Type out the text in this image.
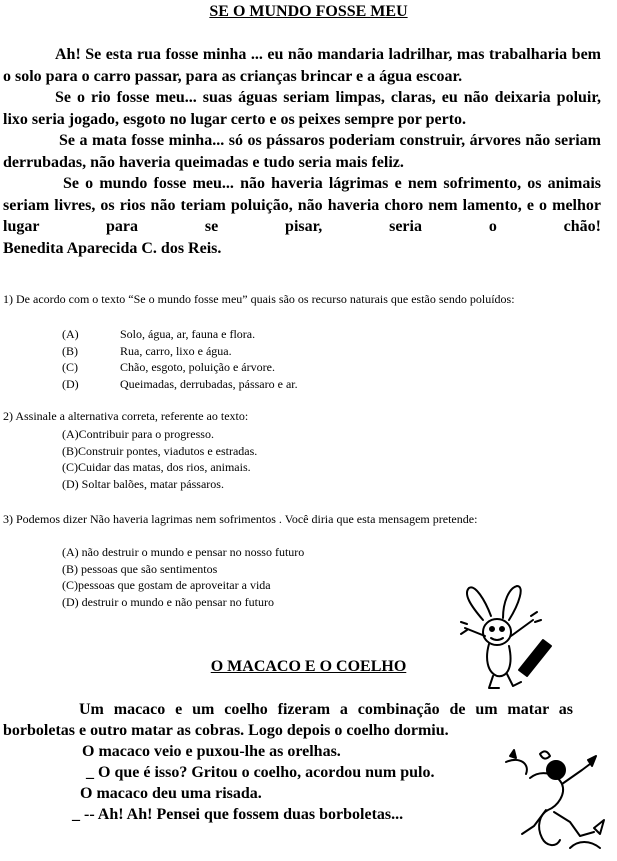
SE O MUNDO FOSSE MEU

Ah! Se esta rua fosse minha ... eu não mandaria ladrilhar, mas trabalharia bem o solo para o carro passar, para as crianças brincar e a água escoar.

Se o rio fosse meu... suas águas seriam limpas, claras, eu não deixaria poluir, lixo seria jogado, esgoto no lugar certo e os peixes sempre por perto.

Se a mata fosse minha... só os pássaros poderiam construir, árvores não seriam derrubadas, não haveria queimadas e tudo seria mais feliz.

Se o mundo fosse meu... não haveria lágrimas e nem sofrimento, os animais seriam livres, os rios não teriam poluição, não haveria choro nem lamento, e o melhor lugar para se pisar, seria o chão!

Benedita Aparecida C. dos Reis.

1) De acordo com o texto “Se o mundo fosse meu” quais são os recurso naturais que estão sendo poluídos:

(A)	Solo, água, ar, fauna e flora.
(B)	Rua, carro, lixo e água.
(C)	Chão, esgoto, poluição e árvore.
(D)	Queimadas, derrubadas, pássaro e ar.

2) Assinale a alternativa correta, referente ao texto:

(A)Contribuir para o progresso.
(B)Construir pontes, viadutos e estradas.
(C)Cuidar das matas, dos rios, animais.
(D) Soltar balões, matar pássaros.

3) Podemos dizer Não haveria lagrimas nem sofrimentos . Você diria que esta mensagem pretende:

(A) não destruir o mundo e pensar no nosso futuro
(B) pessoas que são sentimentos
(C)pessoas que gostam de aproveitar a vida
(D) destruir o mundo e não pensar no futuro
O MACACO E O COELHO

Um macaco e um coelho fizeram a combinação de um matar as borboletas e outro matar as cobras. Logo depois o coelho dormiu.

O macaco veio e puxou-lhe as orelhas.
_ O que é isso? Gritou o coelho, acordou num pulo.
O macaco deu uma risada.
_ -- Ah! Ah! Pensei que fossem duas borboletas...
